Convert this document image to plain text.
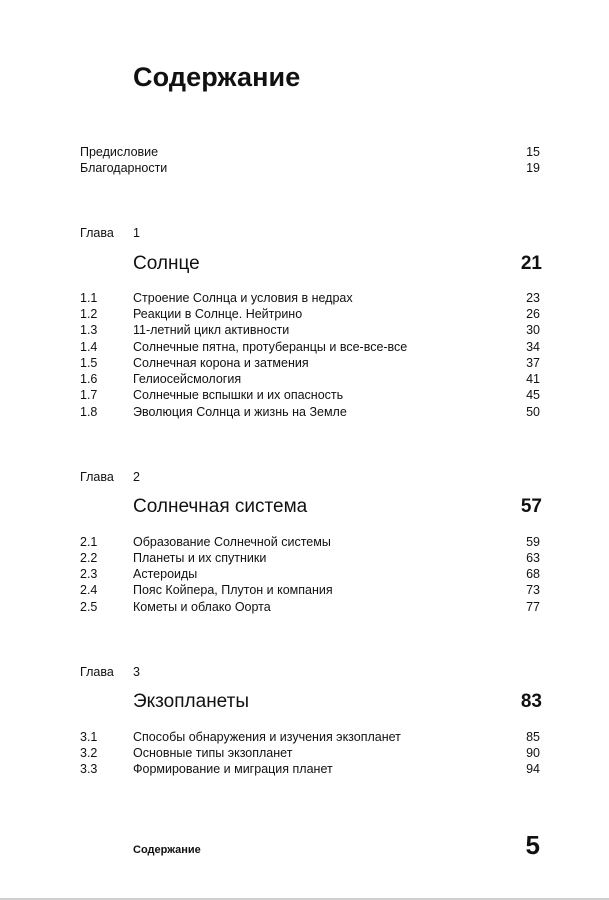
Содержание
Предисловие	15
Благодарности	19
Глава 1
Солнце	21
1.1	Строение Солнца и условия в недрах	23
1.2	Реакции в Солнце. Нейтрино	26
1.3	11-летний цикл активности	30
1.4	Солнечные пятна, протуберанцы и все-все-все	34
1.5	Солнечная корона и затмения	37
1.6	Гелиосейсмология	41
1.7	Солнечные вспышки и их опасность	45
1.8	Эволюция Солнца и жизнь на Земле	50
Глава 2
Солнечная система	57
2.1	Образование Солнечной системы	59
2.2	Планеты и их спутники	63
2.3	Астероиды	68
2.4	Пояс Койпера, Плутон и компания	73
2.5	Кометы и облако Оорта	77
Глава 3
Экзопланеты	83
3.1	Способы обнаружения и изучения экзопланет	85
3.2	Основные типы экзопланет	90
3.3	Формирование и миграция планет	94
Содержание	5
